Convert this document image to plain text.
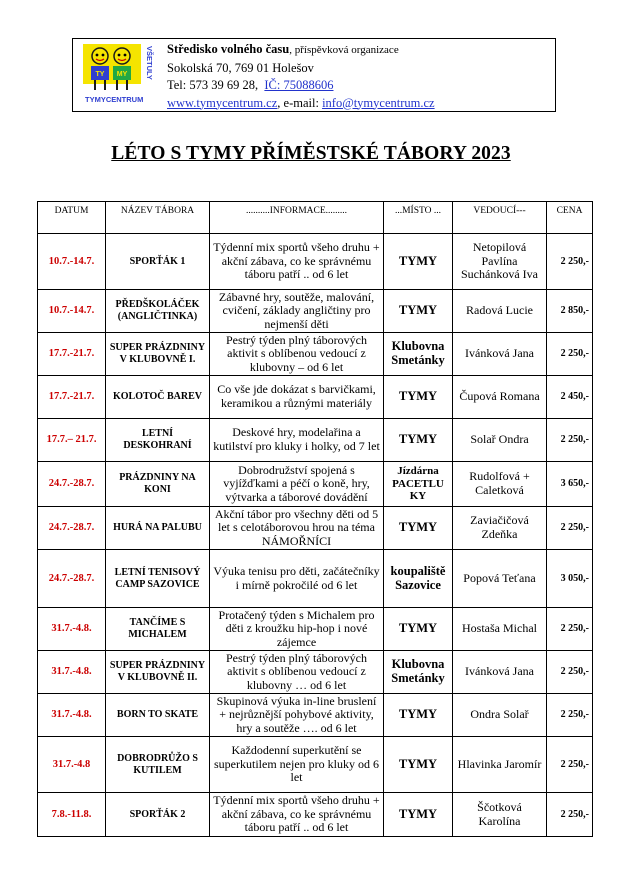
TY MY VŠETULY
TYMYCENTRUM
Středisko volného času, příspěvková organizace
Sokolská 70, 769 01 Holešov
Tel: 573 39 69 28, IČ: 75088606
www.tymycentrum.cz, e-mail: info@tymycentrum.cz
LÉTO S TYMY PŘÍMĚSTSKÉ TÁBORY 2023
DATUM	NÁZEV TÁBORA	..........INFORMACE.........	...MÍSTO ...	VEDOUCÍ---	CENA
10.7.-14.7.	SPORŤÁK 1	Týdenní mix sportů všeho druhu + akční zábava, co ke správnému táboru patří .. od 6 let	TYMY	Netopilová Pavlína Suchánková Iva	2 250,-
10.7.-14.7.	PŘEDŠKOLÁČEK (ANGLIČTINKA)	Zábavné hry, soutěže, malování, cvičení, základy angličtiny pro nejmenší děti	TYMY	Radová Lucie	2 850,-
17.7.-21.7.	SUPER PRÁZDNINY V KLUBOVNĚ I.	Pestrý týden plný táborových aktivit s oblíbenou vedoucí z klubovny – od 6 let	Klubovna Smetánky	Ivánková Jana	2 250,-
17.7.-21.7.	KOLOTOČ BAREV	Co vše jde dokázat s barvičkami, keramikou a různými materiály	TYMY	Čupová Romana	2 450,-
17.7.– 21.7.	LETNÍ DESKOHRANÍ	Deskové hry, modelařina a kutilství pro kluky i holky, od 7 let	TYMY	Solař Ondra	2 250,-
24.7.-28.7.	PRÁZDNINY NA KONI	Dobrodružství spojená s vyjížďkami a péčí o koně, hry, výtvarka a táborové dovádění	Jízdárna PACETLU KY	Rudolfová + Caletková	3 650,-
24.7.-28.7.	HURÁ NA PALUBU	Akční tábor pro všechny děti od 5 let s celotáborovou hrou na téma NÁMOŘNÍCI	TYMY	Zaviačičová Zdeňka	2 250,-
24.7.-28.7.	LETNÍ TENISOVÝ CAMP SAZOVICE	Výuka tenisu pro děti, začátečníky i mírně pokročilé od 6 let	koupaliště Sazovice	Popová Teťana	3 050,-
31.7.-4.8.	TANČÍME S MICHALEM	Protačený týden s Michalem pro děti z kroužku hip-hop i nové zájemce	TYMY	Hostaša Michal	2 250,-
31.7.-4.8.	SUPER PRÁZDNINY V KLUBOVNĚ II.	Pestrý týden plný táborových aktivit s oblíbenou vedoucí z klubovny … od 6 let	Klubovna Smetánky	Ivánková Jana	2 250,-
31.7.-4.8.	BORN TO SKATE	Skupinová výuka in-line bruslení + nejrůznější pohybové aktivity, hry a soutěže …. od 6 let	TYMY	Ondra Solař	2 250,-
31.7.-4.8	DOBRODRŮŽO S KUTILEM	Každodenní superkutění se superkutilem nejen pro kluky od 6 let	TYMY	Hlavinka Jaromír	2 250,-
7.8.-11.8.	SPORŤÁK 2	Týdenní mix sportů všeho druhu + akční zábava, co ke správnému táboru patří .. od 6 let	TYMY	Ščotková Karolína	2 250,-
